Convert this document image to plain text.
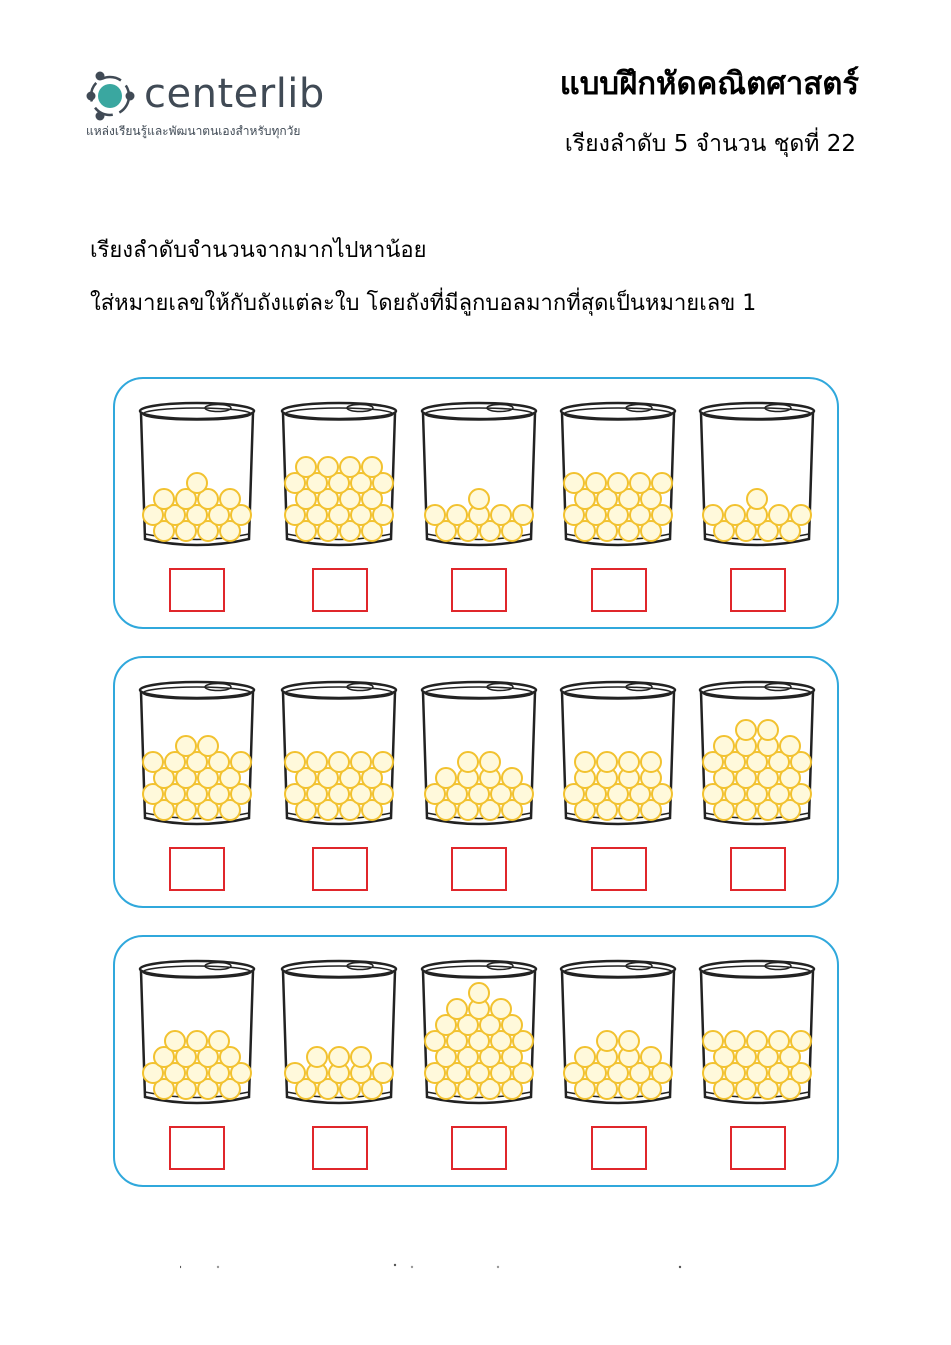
centerlib
แหล่งเรียนรู้และพัฒนาตนเองสำหรับทุกวัย
แบบฝึกหัดคณิตศาสตร์
เรียงลำดับ 5 จำนวน ชุดที่ 22
เรียงลำดับจำนวนจากมากไปหาน้อย
ใส่หมายเลขให้กับถังแต่ละใบ โดยถังที่มีลูกบอลมากที่สุดเป็นหมายเลข 1
